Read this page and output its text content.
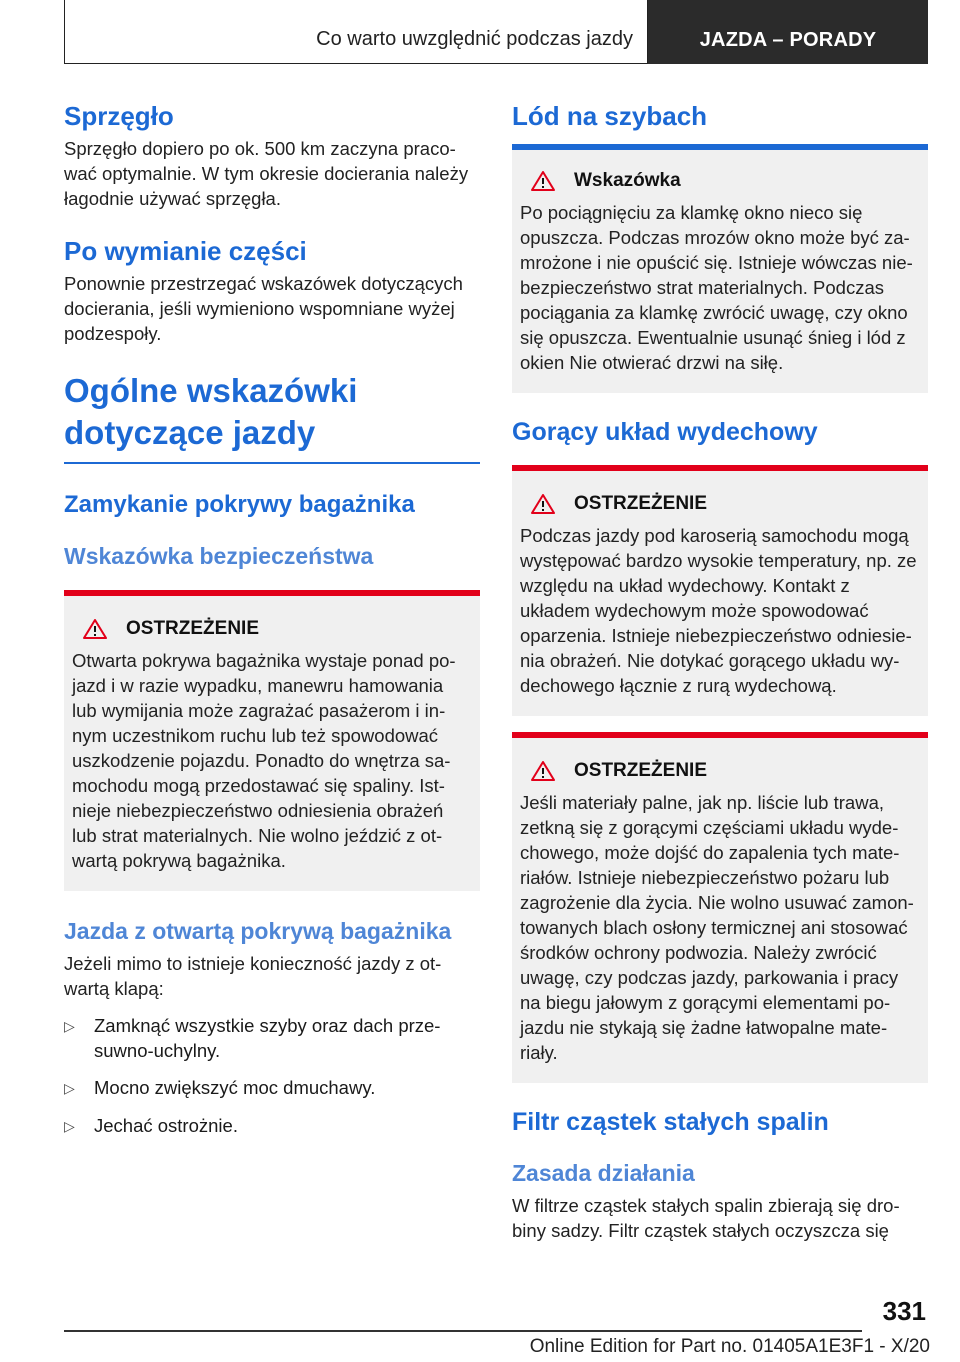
Co warto uwzględnić podczas jazdy	JAZDA – PORADY
Sprzęgło
Sprzęgło dopiero po ok. 500 km zaczyna praco-wać optymalnie. W tym okresie docierania należy łagodnie używać sprzęgła.
Po wymianie części
Ponownie przestrzegać wskazówek dotyczących docierania, jeśli wymieniono wspomniane wyżej podzespoły.
Ogólne wskazówki
dotyczące jazdy
Zamykanie pokrywy bagażnika
Wskazówka bezpieczeństwa
OSTRZEŻENIE
Otwarta pokrywa bagażnika wystaje ponad po-jazd i w razie wypadku, manewru hamowania lub wymijania może zagrażać pasażerom i in-nym uczestnikom ruchu lub też spowodować uszkodzenie pojazdu. Ponadto do wnętrza sa-mochodu mogą przedostawać się spaliny. Ist-nieje niebezpieczeństwo odniesienia obrażeń lub strat materialnych. Nie wolno jeździć z ot-wartą pokrywą bagażnika.
Jazda z otwartą pokrywą bagażnika
Jeżeli mimo to istnieje konieczność jazdy z ot-wartą klapą:
▷	Zamknąć wszystkie szyby oraz dach prze-suwno-uchylny.
▷	Mocno zwiększyć moc dmuchawy.
▷	Jechać ostrożnie.
Lód na szybach
Wskazówka
Po pociągnięciu za klamkę okno nieco się opuszcza. Podczas mrozów okno może być za-mrożone i nie opuścić się. Istnieje wówczas nie-bezpieczeństwo strat materialnych. Podczas pociągania za klamkę zwrócić uwagę, czy okno się opuszcza. Ewentualnie usunąć śnieg i lód z okien Nie otwierać drzwi na siłę.
Gorący układ wydechowy
OSTRZEŻENIE
Podczas jazdy pod karoserią samochodu mogą występować bardzo wysokie temperatury, np. ze względu na układ wydechowy. Kontakt z układem wydechowym może spowodować oparzenia. Istnieje niebezpieczeństwo odniesie-nia obrażeń. Nie dotykać gorącego układu wy-dechowego łącznie z rurą wydechową.
OSTRZEŻENIE
Jeśli materiały palne, jak np. liście lub trawa, zetkną się z gorącymi częściami układu wyde-chowego, może dojść do zapalenia tych mate-riałów. Istnieje niebezpieczeństwo pożaru lub zagrożenie dla życia. Nie wolno usuwać zamon-towanych blach osłony termicznej ani stosować środków ochrony podwozia. Należy zwrócić uwagę, czy podczas jazdy, parkowania i pracy na biegu jałowym z gorącymi elementami po-jazdu nie stykają się żadne łatwopalne mate-riały.
Filtr cząstek stałych spalin
Zasada działania
W filtrze cząstek stałych spalin zbierają się dro-biny sadzy. Filtr cząstek stałych oczyszcza się
331
Online Edition for Part no. 01405A1E3F1 - X/20
